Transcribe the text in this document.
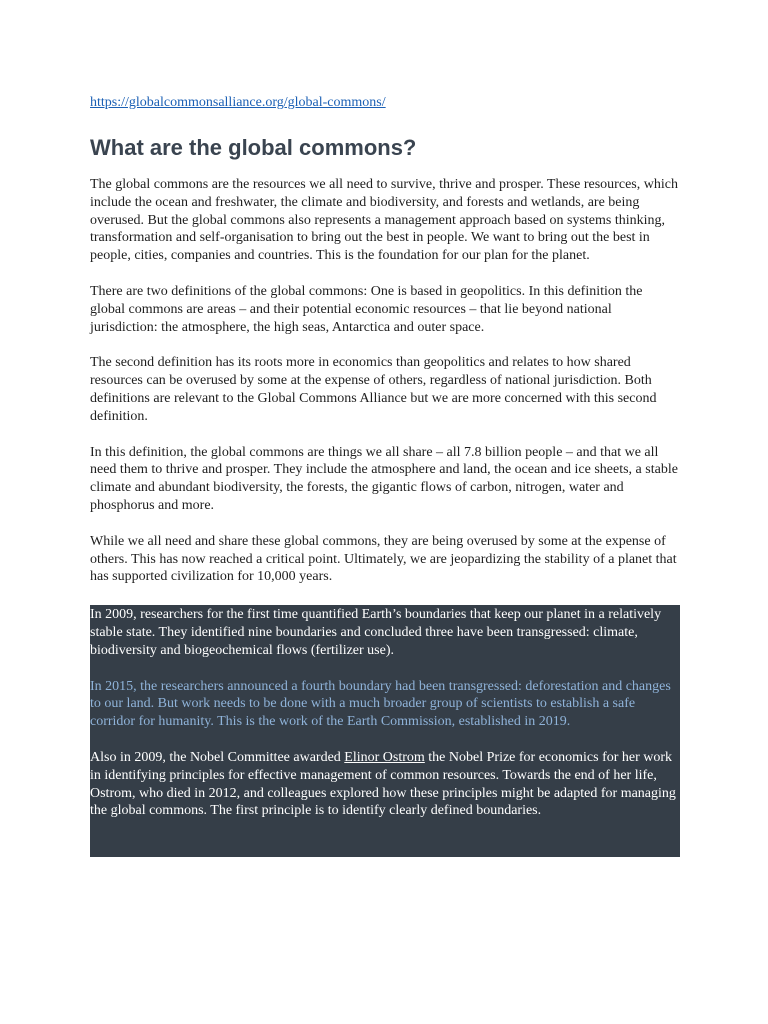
https://globalcommonsalliance.org/global-commons/
What are the global commons?

The global commons are the resources we all need to survive, thrive and prosper. These resources, which include the ocean and freshwater, the climate and biodiversity, and forests and wetlands, are being overused. But the global commons also represents a management approach based on systems thinking, transformation and self-organisation to bring out the best in people. We want to bring out the best in people, cities, companies and countries. This is the foundation for our plan for the planet.

There are two definitions of the global commons: One is based in geopolitics. In this definition the global commons are areas – and their potential economic resources – that lie beyond national jurisdiction: the atmosphere, the high seas, Antarctica and outer space.

The second definition has its roots more in economics than geopolitics and relates to how shared resources can be overused by some at the expense of others, regardless of national jurisdiction. Both definitions are relevant to the Global Commons Alliance but we are more concerned with this second definition.

In this definition, the global commons are things we all share – all 7.8 billion people – and that we all need them to thrive and prosper. They include the atmosphere and land, the ocean and ice sheets, a stable climate and abundant biodiversity, the forests, the gigantic flows of carbon, nitrogen, water and phosphorus and more.

While we all need and share these global commons, they are being overused by some at the expense of others. This has now reached a critical point. Ultimately, we are jeopardizing the stability of a planet that has supported civilization for 10,000 years.

In 2009, researchers for the first time quantified Earth’s boundaries that keep our planet in a relatively stable state. They identified nine boundaries and concluded three have been transgressed: climate, biodiversity and biogeochemical flows (fertilizer use).

In 2015, the researchers announced a fourth boundary had been transgressed: deforestation and changes to our land. But work needs to be done with a much broader group of scientists to establish a safe corridor for humanity. This is the work of the Earth Commission, established in 2019.

Also in 2009, the Nobel Committee awarded Elinor Ostrom the Nobel Prize for economics for her work in identifying principles for effective management of common resources. Towards the end of her life, Ostrom, who died in 2012, and colleagues explored how these principles might be adapted for managing the global commons. The first principle is to identify clearly defined boundaries.
